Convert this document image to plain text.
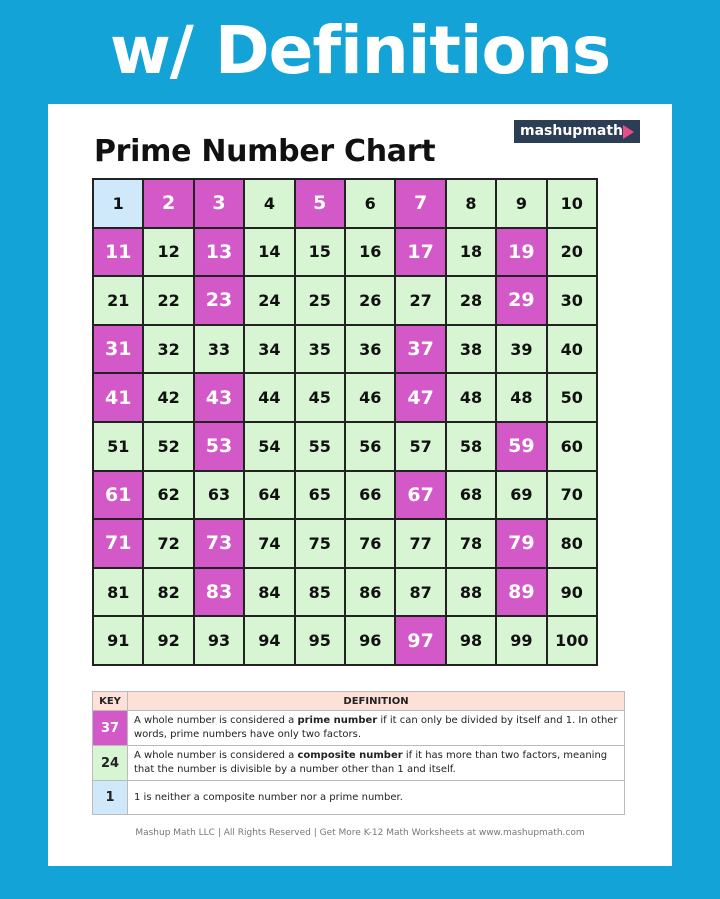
w/ Definitions
Prime Number Chart
mashupmath
1	2	3	4	5	6	7	8	9	10
11	12	13	14	15	16	17	18	19	20
21	22	23	24	25	26	27	28	29	30
31	32	33	34	35	36	37	38	39	40
41	42	43	44	45	46	47	48	48	50
51	52	53	54	55	56	57	58	59	60
61	62	63	64	65	66	67	68	69	70
71	72	73	74	75	76	77	78	79	80
81	82	83	84	85	86	87	88	89	90
91	92	93	94	95	96	97	98	99	100
KEY	DEFINITION
37	A whole number is considered a prime number if it can only be divided by itself and 1. In other words, prime numbers have only two factors.
24	A whole number is considered a composite number if it has more than two factors, meaning that the number is divisible by a number other than 1 and itself.
1	1 is neither a composite number nor a prime number.
Mashup Math LLC | All Rights Reserved | Get More K-12 Math Worksheets at www.mashupmath.com
